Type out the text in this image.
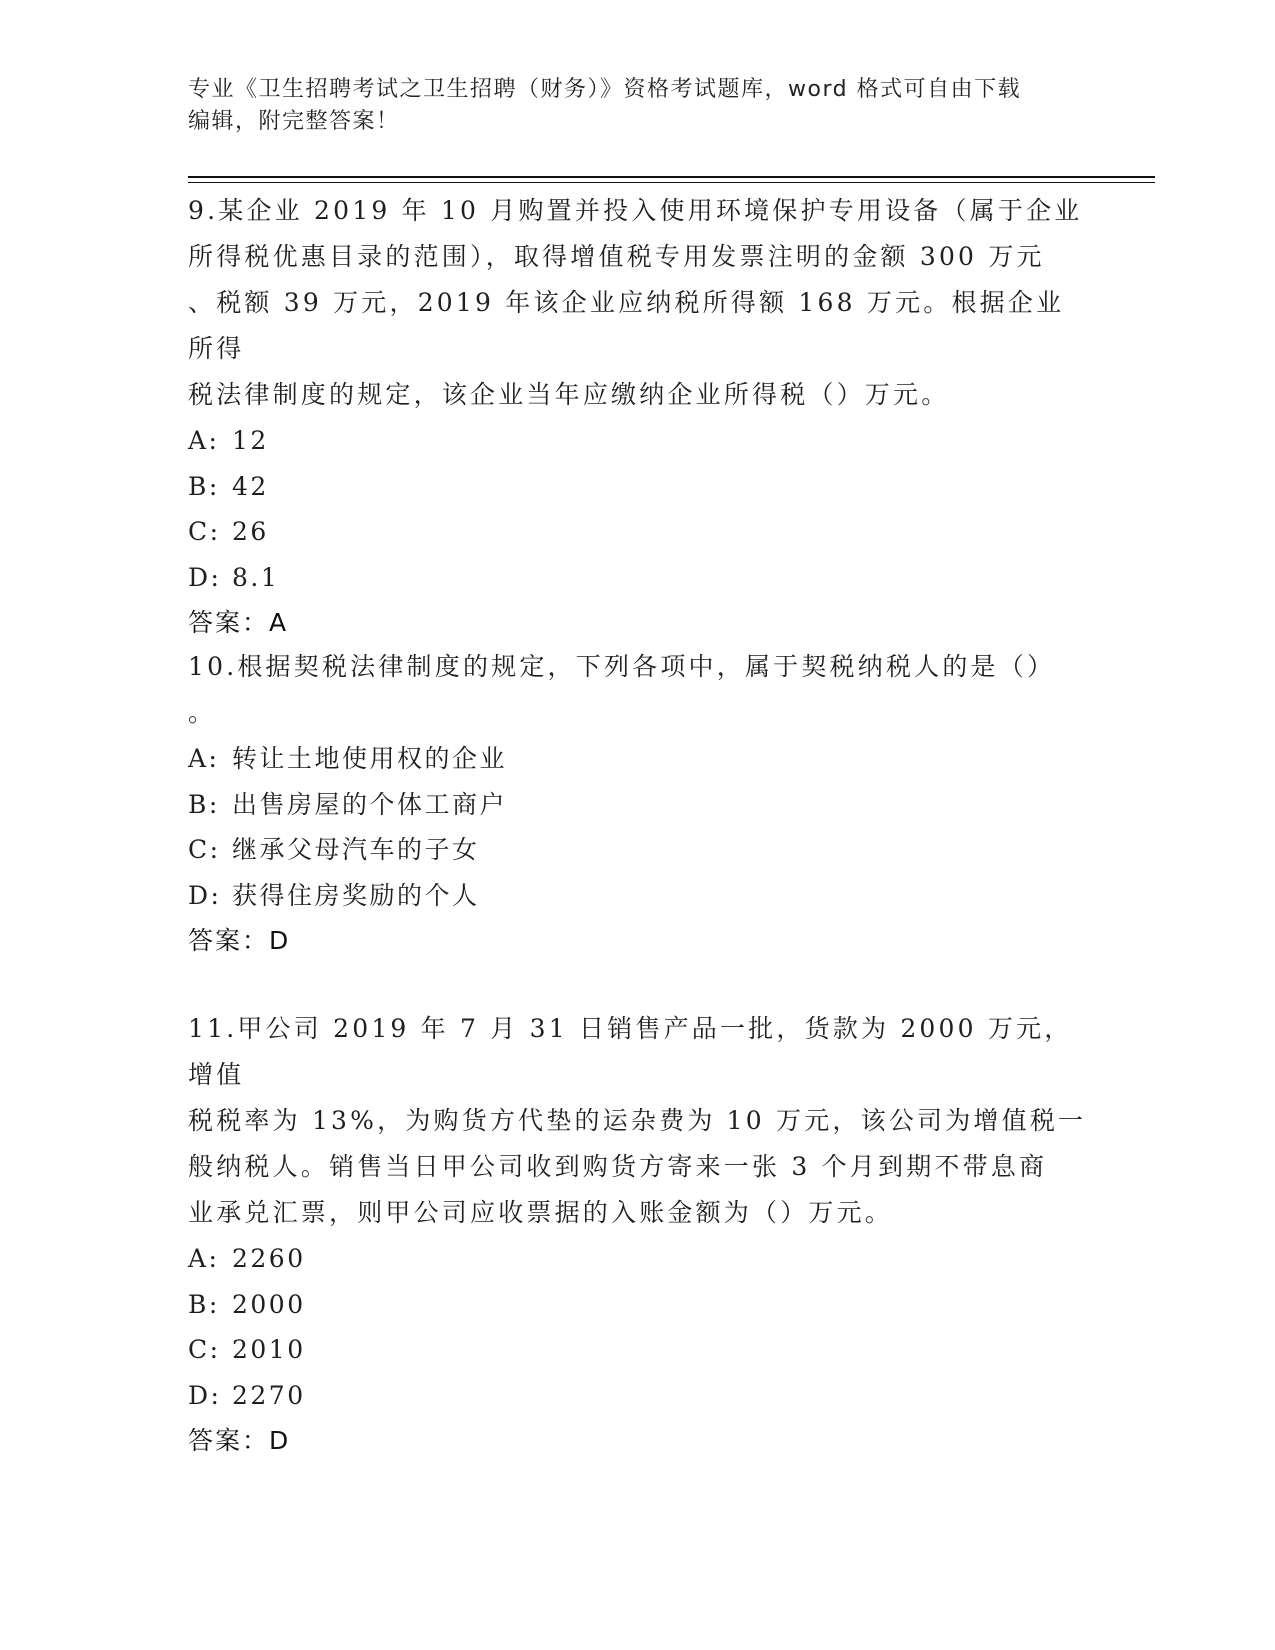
专业《卫生招聘考试之卫生招聘（财务）》资格考试题库，word 格式可自由下载
编辑，附完整答案！
9.某企业 2019 年 10 月购置并投入使用环境保护专用设备（属于企业
所得税优惠目录的范围），取得增值税专用发票注明的金额 300 万元
、税额 39 万元，2019 年该企业应纳税所得额 168 万元。根据企业所得
税法律制度的规定，该企业当年应缴纳企业所得税（）万元。
A: 12
B: 42
C: 26
D: 8.1
答案：A
10.根据契税法律制度的规定，下列各项中，属于契税纳税人的是（）
。
A: 转让土地使用权的企业
B: 出售房屋的个体工商户
C: 继承父母汽车的子女
D: 获得住房奖励的个人
答案：D
11.甲公司 2019 年 7 月 31 日销售产品一批，货款为 2000 万元，增值
税税率为 13%，为购货方代垫的运杂费为 10 万元，该公司为增值税一
般纳税人。销售当日甲公司收到购货方寄来一张 3 个月到期不带息商
业承兑汇票，则甲公司应收票据的入账金额为（）万元。
A: 2260
B: 2000
C: 2010
D: 2270
答案：D
